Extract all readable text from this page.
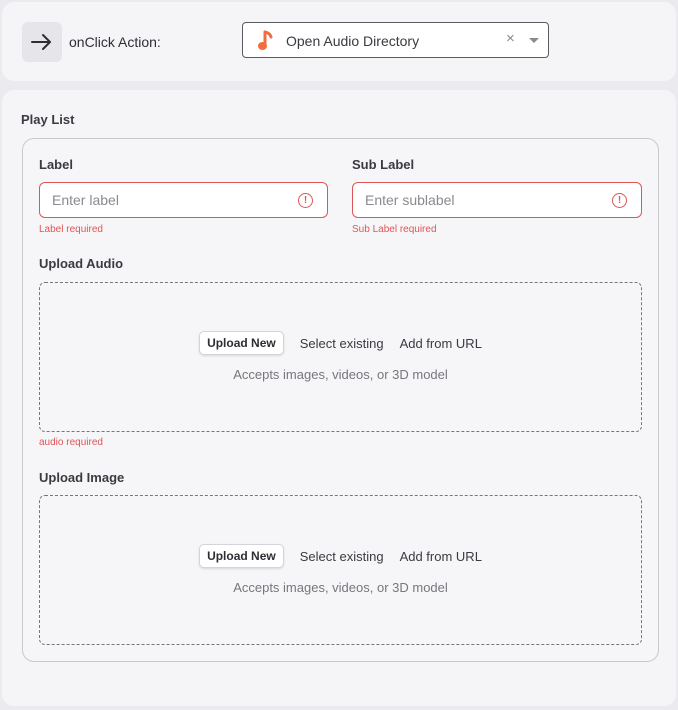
onClick Action:	Open Audio Directory	×
Play List
Label
Enter label
!
Label required
Sub Label
Enter sublabel
!
Sub Label required
Upload Audio
Upload New	Select existing Add from URL
Accepts images, videos, or 3D model
audio required
Upload Image
Upload New	Select existing Add from URL
Accepts images, videos, or 3D model
